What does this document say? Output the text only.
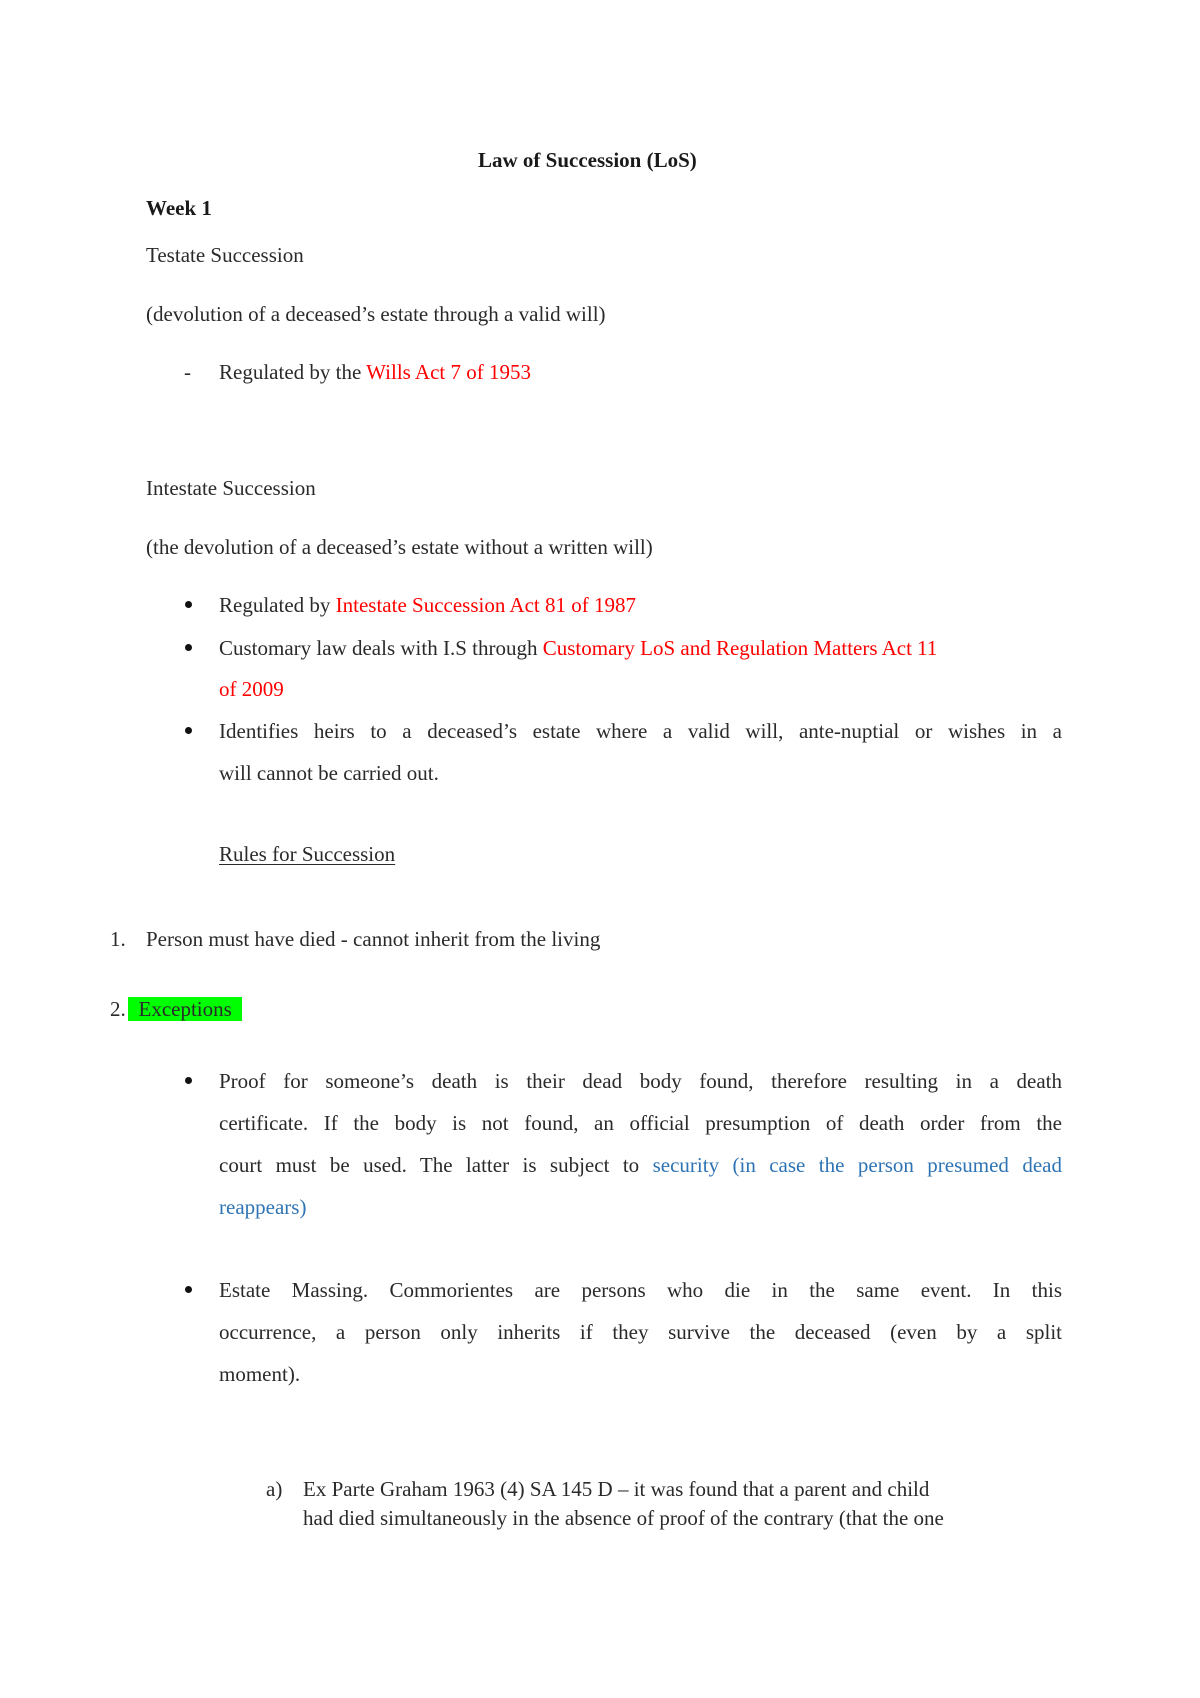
Law of Succession (LoS)
Week 1
Testate Succession
(devolution of a deceased’s estate through a valid will)
- Regulated by the Wills Act 7 of 1953
Intestate Succession
(the devolution of a deceased’s estate without a written will)
Regulated by Intestate Succession Act 81 of 1987
Customary law deals with I.S through Customary LoS and Regulation Matters Act 11
of 2009
Identifies heirs to a deceased’s estate where a valid will, ante-nuptial or wishes in a
will cannot be carried out.
Rules for Succession
1. Person must have died - cannot inherit from the living
2. Exceptions
Proof for someone’s death is their dead body found, therefore resulting in a death
certificate. If the body is not found, an official presumption of death order from the
court must be used. The latter is subject to security (in case the person presumed dead
reappears)
Estate Massing. Commorientes are persons who die in the same event. In this
occurrence, a person only inherits if they survive the deceased (even by a split
moment).
a) Ex Parte Graham 1963 (4) SA 145 D – it was found that a parent and child
had died simultaneously in the absence of proof of the contrary (that the one
